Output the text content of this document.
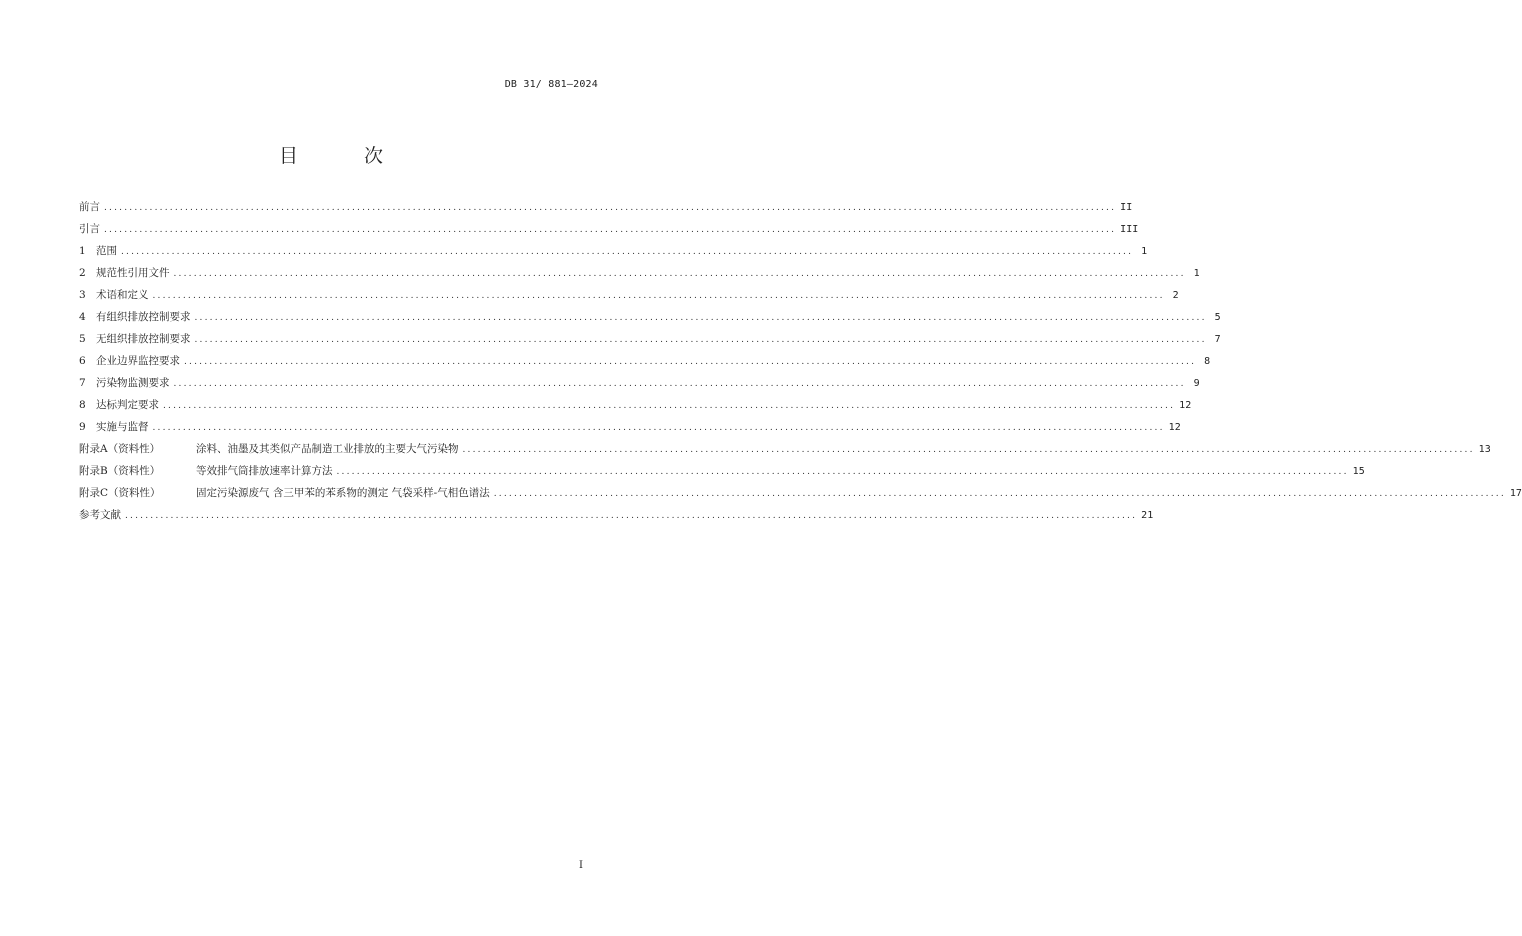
DB 31/ 881—2024
目 次
前言 ........................................................................................................................................................................................................ II
引言 ........................................................................................................................................................................................................ III
1 范围 ........................................................................................................................................................................................................ 1
2 规范性引用文件 ........................................................................................................................................................................................................ 1
3 术语和定义 ........................................................................................................................................................................................................ 2
4 有组织排放控制要求 ........................................................................................................................................................................................................ 5
5 无组织排放控制要求 ........................................................................................................................................................................................................ 7
6 企业边界监控要求 ........................................................................................................................................................................................................ 8
7 污染物监测要求 ........................................................................................................................................................................................................ 9
8 达标判定要求 ........................................................................................................................................................................................................ 12
9 实施与监督 ........................................................................................................................................................................................................ 12
附录A（资料性）	涂料、油墨及其类似产品制造工业排放的主要大气污染物 ........................................................................................................................................................................................................ 13
附录B（资料性）	等效排气筒排放速率计算方法 ........................................................................................................................................................................................................ 15
附录C（资料性）	固定污染源废气 含三甲苯的苯系物的测定 气袋采样-气相色谱法 ........................................................................................................................................................................................................ 17
参考文献 ........................................................................................................................................................................................................ 21
I
